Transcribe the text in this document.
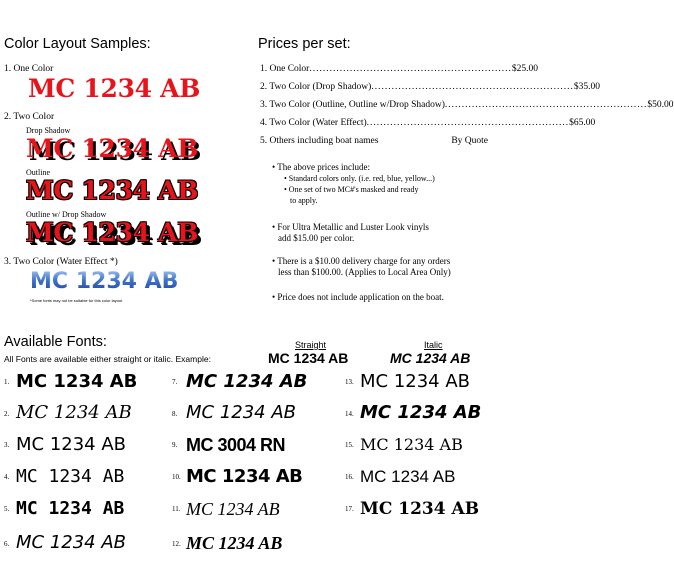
Color Layout Samples:
1. One Color
MC 1234 AB
2. Two Color
Drop Shadow
MC 1234 AB
Outline
MC 1234 AB
Outline w/ Drop Shadow
MC 1234 AB
3. Two Color (Water Effect *)
MC 1234 AB
*Some fonts may not be suitable for this color layout
Prices per set:
1. One Color ............................................................ $25.00
2. Two Color (Drop Shadow) ............................................................ $35.00
3. Two Color (Outline, Outline w/Drop Shadow) ............................................................ $50.00
4. Two Color (Water Effect) ............................................................ $65.00
5. Others including boat names	By Quote
• The above prices include:
• Standard colors only. (i.e. red, blue, yellow...)
• One set of two MC#'s masked and ready
to apply.
• For Ultra Metallic and Luster Look vinyls
add $15.00 per color.
• There is a $10.00 delivery charge for any orders
less than $100.00. (Applies to Local Area Only)
• Price does not include application on the boat.
Available Fonts:
All Fonts are available either straight or italic. Example:
Straight	Italic
MC 1234 AB	MC 1234 AB
1. MC 1234 AB
2. MC 1234 AB
3. MC 1234 AB
4. MC 1234 AB
5. MC 1234 AB
6. MC 1234 AB
7. MC 1234 AB
8. MC 1234 AB
9. MC 3004 RN
10. MC 1234 AB
11. MC 1234 AB
12. MC 1234 AB
13. MC 1234 AB
14. MC 1234 AB
15. MC 1234 AB
16. MC 1234 AB
17. MC 1234 AB
